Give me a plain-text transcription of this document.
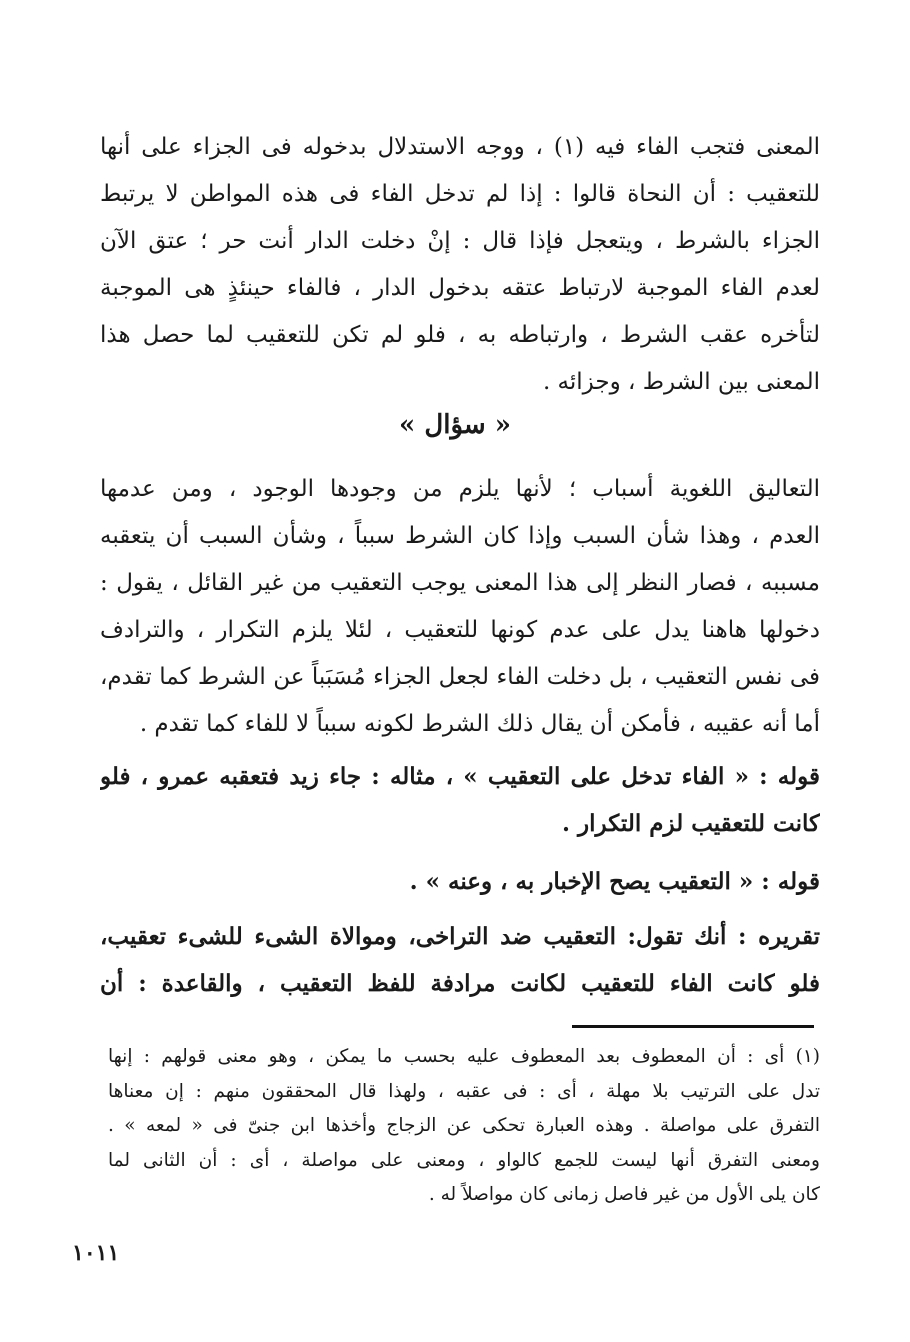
المعنى فتجب الفاء فيه (١) ، ووجه الاستدلال بدخوله فى الجزاء على أنها
للتعقيب : أن النحاة قالوا : إذا لم تدخل الفاء فى هذه المواطن لا يرتبط
الجزاء بالشرط ، ويتعجل فإذا قال : إنْ دخلت الدار أنت حر ؛ عتق الآن
لعدم الفاء الموجبة لارتباط عتقه بدخول الدار ، فالفاء حينئذٍ هى الموجبة
لتأخره عقب الشرط ، وارتباطه به ، فلو لم تكن للتعقيب لما حصل هذا
المعنى بين الشرط ، وجزائه .
« سؤال »
التعاليق اللغوية أسباب ؛ لأنها يلزم من وجودها الوجود ، ومن عدمها
العدم ، وهذا شأن السبب وإذا كان الشرط سبباً ، وشأن السبب أن يتعقبه
مسببه ، فصار النظر إلى هذا المعنى يوجب التعقيب من غير القائل ، يقول :
دخولها هاهنا يدل على عدم كونها للتعقيب ، لئلا يلزم التكرار ، والترادف
فى نفس التعقيب ، بل دخلت الفاء لجعل الجزاء مُسَبَباً عن الشرط كما تقدم،
أما أنه عقيبه ، فأمكن أن يقال ذلك الشرط لكونه سبباً لا للفاء كما تقدم .
قوله : « الفاء تدخل على التعقيب » ، مثاله : جاء زيد فتعقبه عمرو ، فلو
كانت للتعقيب لزم التكرار .
قوله : « التعقيب يصح الإخبار به ، وعنه » .
تقريره : أنك تقول: التعقيب ضد التراخى، وموالاة الشىء للشىء تعقيب،
فلو كانت الفاء للتعقيب لكانت مرادفة للفظ التعقيب ، والقاعدة : أن
(١) أى : أن المعطوف بعد المعطوف عليه بحسب ما يمكن ، وهو معنى قولهم : إنها
تدل على الترتيب بلا مهلة ، أى : فى عقبه ، ولهذا قال المحققون منهم : إن معناها
التفرق على مواصلة . وهذه العبارة تحكى عن الزجاج وأخذها ابن جنىّ فى « لمعه » .
ومعنى التفرق أنها ليست للجمع كالواو ، ومعنى على مواصلة ، أى : أن الثانى لما
كان يلى الأول من غير فاصل زمانى كان مواصلاً له .
١٠١١
